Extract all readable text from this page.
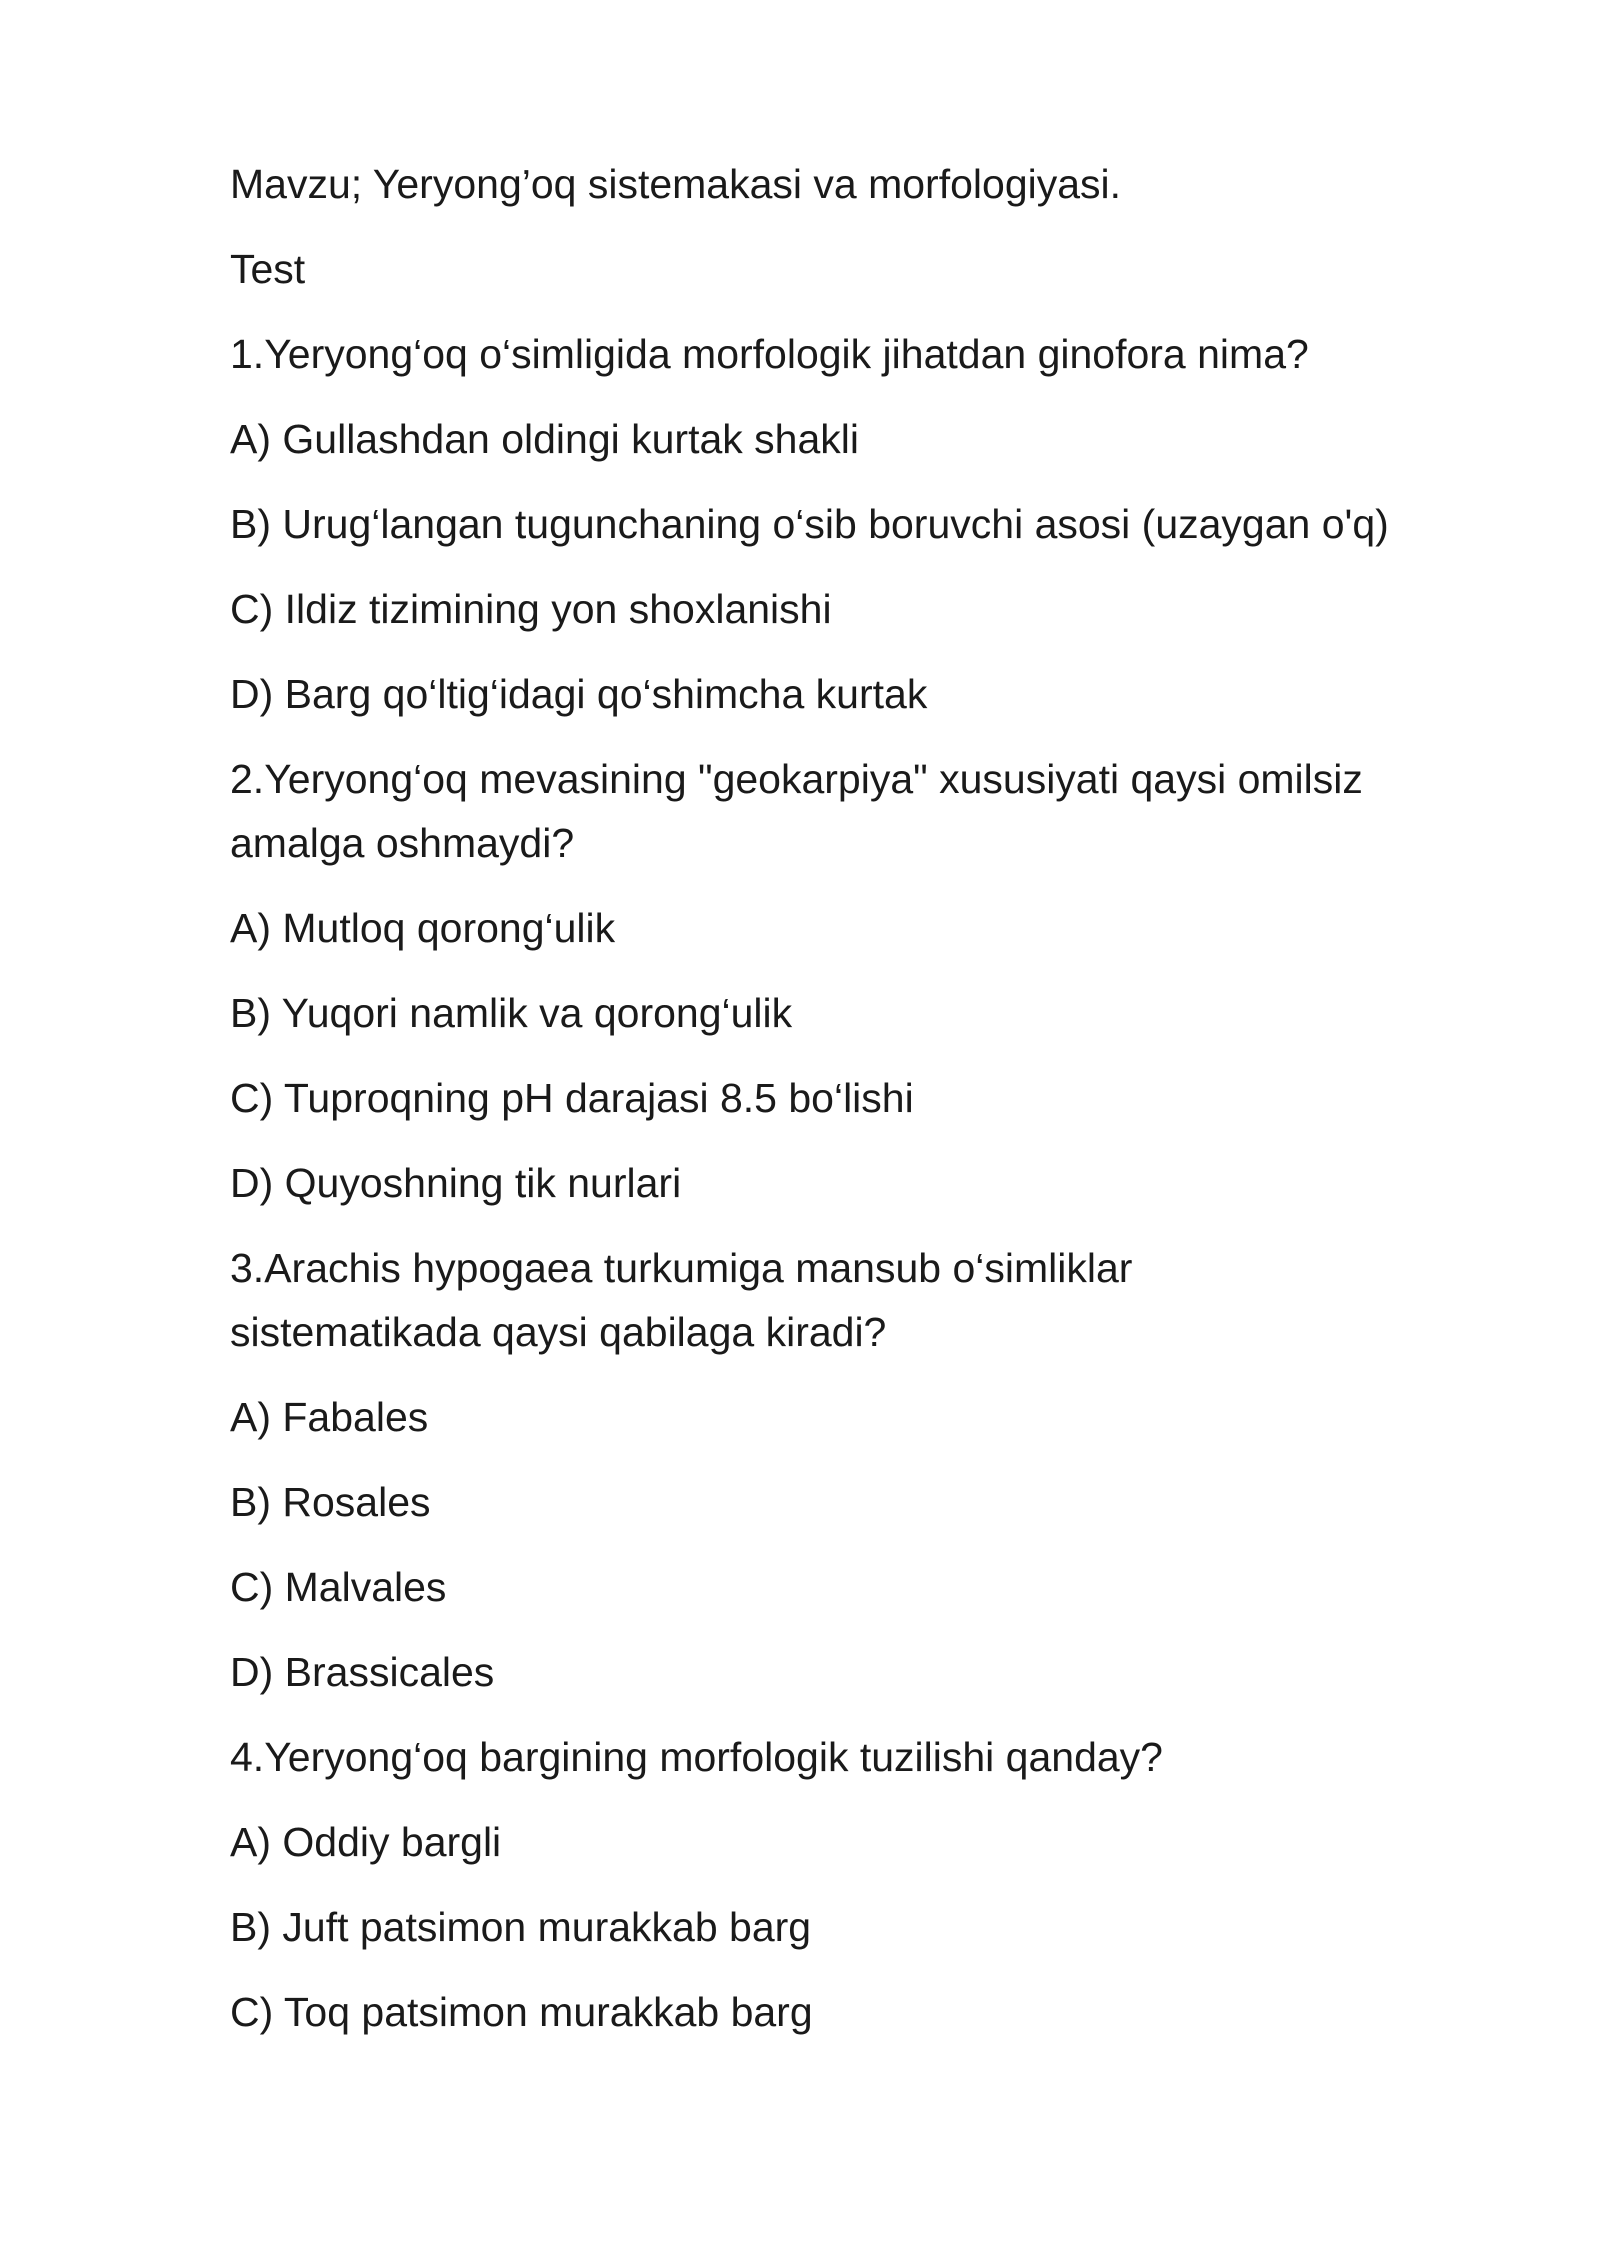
Mavzu; Yeryong’oq sistemakasi va morfologiyasi.
Test
1.Yeryong‘oq o‘simligida morfologik jihatdan ginofora nima?
A) Gullashdan oldingi kurtak shakli
B) Urug‘langan tugunchaning o‘sib boruvchi asosi (uzaygan o'q)
C) Ildiz tizimining yon shoxlanishi
D) Barg qo‘ltig‘idagi qo‘shimcha kurtak
2.Yeryong‘oq mevasining "geokarpiya" xususiyati qaysi omilsiz
amalga oshmaydi?
A) Mutloq qorong‘ulik
B) Yuqori namlik va qorong‘ulik
C) Tuproqning pH darajasi 8.5 bo‘lishi
D) Quyoshning tik nurlari
3.Arachis hypogaea turkumiga mansub o‘simliklar
sistematikada qaysi qabilaga kiradi?
A) Fabales
B) Rosales
C) Malvales
D) Brassicales
4.Yeryong‘oq bargining morfologik tuzilishi qanday?
A) Oddiy bargli
B) Juft patsimon murakkab barg
C) Toq patsimon murakkab barg
